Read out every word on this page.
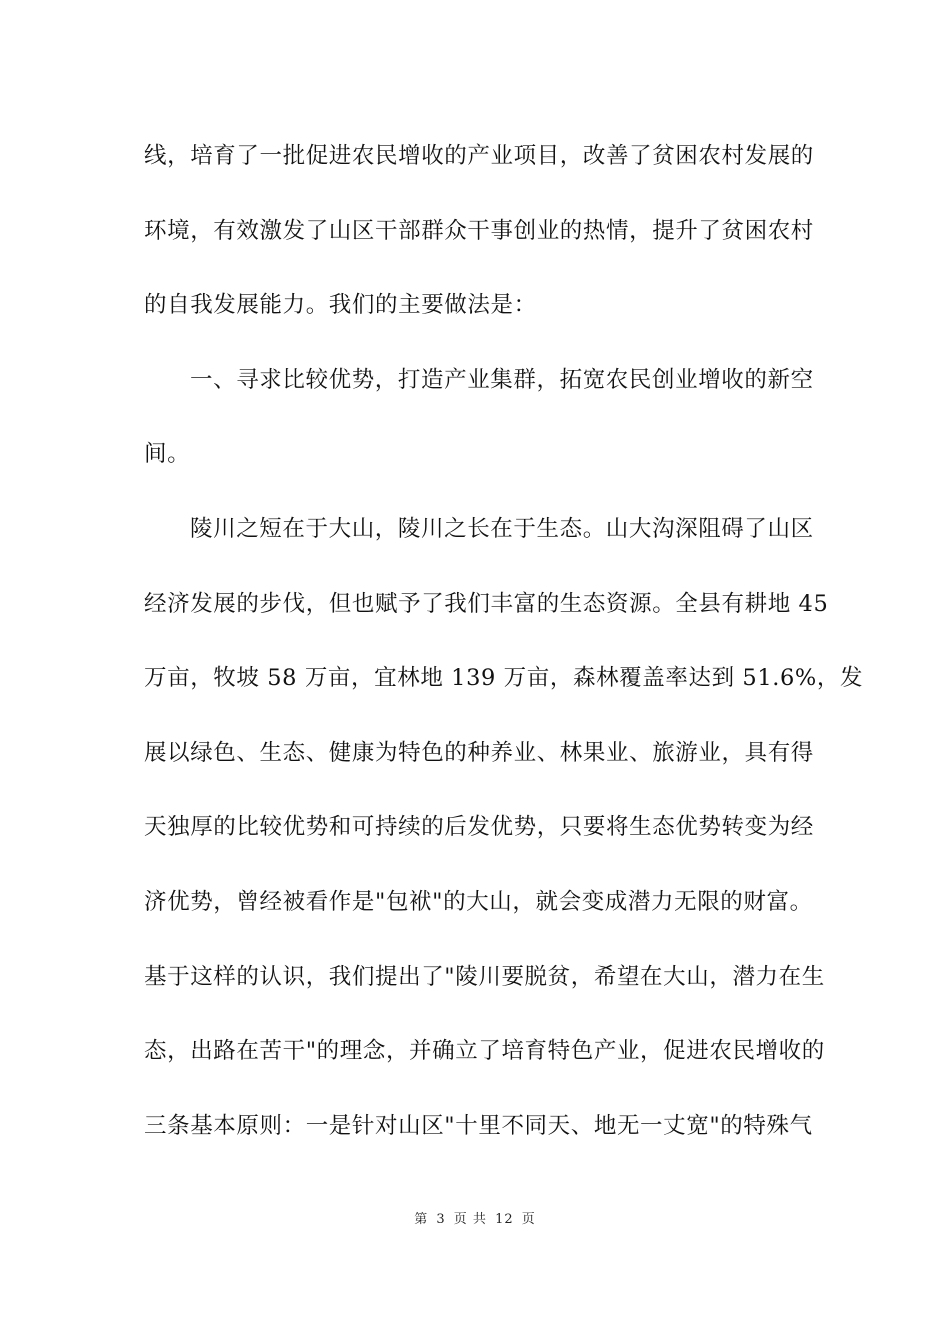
线，培育了一批促进农民增收的产业项目，改善了贫困农村发展的
环境，有效激发了山区干部群众干事创业的热情，提升了贫困农村
的自我发展能力。我们的主要做法是：
一、寻求比较优势，打造产业集群，拓宽农民创业增收的新空
间。
陵川之短在于大山，陵川之长在于生态。山大沟深阻碍了山区
经济发展的步伐，但也赋予了我们丰富的生态资源。全县有耕地 45
万亩，牧坡 58 万亩，宜林地 139 万亩，森林覆盖率达到 51.6%，发
展以绿色、生态、健康为特色的种养业、林果业、旅游业，具有得
天独厚的比较优势和可持续的后发优势，只要将生态优势转变为经
济优势，曾经被看作是"包袱"的大山，就会变成潜力无限的财富。
基于这样的认识，我们提出了"陵川要脱贫，希望在大山，潜力在生
态，出路在苦干"的理念，并确立了培育特色产业，促进农民增收的
三条基本原则：一是针对山区"十里不同天、地无一丈宽"的特殊气
第 3 页 共 12 页
